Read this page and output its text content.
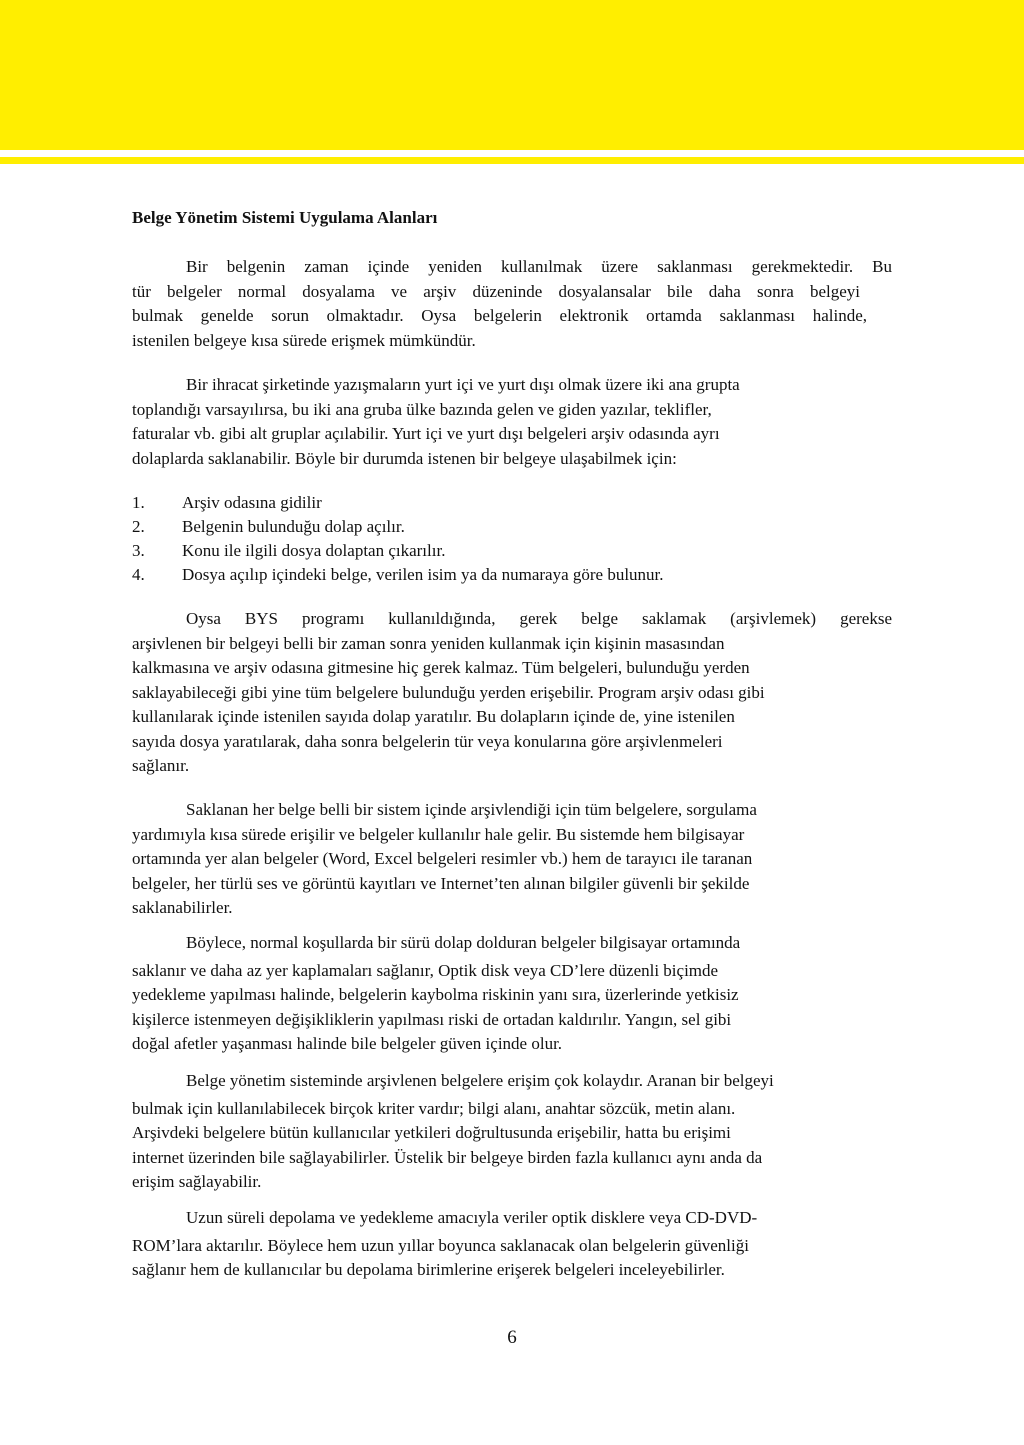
Belge Yönetim Sistemi Uygulama Alanları
Bir belgenin zaman içinde yeniden kullanılmak üzere saklanması gerekmektedir. Bu
tür belgeler normal dosyalama ve arşiv düzeninde dosyalansalar bile daha sonra belgeyi
bulmak genelde sorun olmaktadır. Oysa belgelerin elektronik ortamda saklanması halinde,
istenilen belgeye kısa sürede erişmek mümkündür.
Bir ihracat şirketinde yazışmaların yurt içi ve yurt dışı olmak üzere iki ana grupta
toplandığı varsayılırsa, bu iki ana gruba ülke bazında gelen ve giden yazılar, teklifler,
faturalar vb. gibi alt gruplar açılabilir. Yurt içi ve yurt dışı belgeleri arşiv odasında ayrı
dolaplarda saklanabilir. Böyle bir durumda istenen bir belgeye ulaşabilmek için:
1. Arşiv odasına gidilir
2. Belgenin bulunduğu dolap açılır.
3. Konu ile ilgili dosya dolaptan çıkarılır.
4. Dosya açılıp içindeki belge, verilen isim ya da numaraya göre bulunur.
Oysa BYS programı kullanıldığında, gerek belge saklamak (arşivlemek) gerekse
arşivlenen bir belgeyi belli bir zaman sonra yeniden kullanmak için kişinin masasından
kalkmasına ve arşiv odasına gitmesine hiç gerek kalmaz. Tüm belgeleri, bulunduğu yerden
saklayabileceği gibi yine tüm belgelere bulunduğu yerden erişebilir. Program arşiv odası gibi
kullanılarak içinde istenilen sayıda dolap yaratılır. Bu dolapların içinde de, yine istenilen
sayıda dosya yaratılarak, daha sonra belgelerin tür veya konularına göre arşivlenmeleri
sağlanır.
Saklanan her belge belli bir sistem içinde arşivlendiği için tüm belgelere, sorgulama
yardımıyla kısa sürede erişilir ve belgeler kullanılır hale gelir. Bu sistemde hem bilgisayar
ortamında yer alan belgeler (Word, Excel belgeleri resimler vb.) hem de tarayıcı ile taranan
belgeler, her türlü ses ve görüntü kayıtları ve Internet’ten alınan bilgiler güvenli bir şekilde
saklanabilirler.
Böylece, normal koşullarda bir sürü dolap dolduran belgeler bilgisayar ortamında
saklanır ve daha az yer kaplamaları sağlanır, Optik disk veya CD’lere düzenli biçimde
yedekleme yapılması halinde, belgelerin kaybolma riskinin yanı sıra, üzerlerinde yetkisiz
kişilerce istenmeyen değişikliklerin yapılması riski de ortadan kaldırılır. Yangın, sel gibi
doğal afetler yaşanması halinde bile belgeler güven içinde olur.
Belge yönetim sisteminde arşivlenen belgelere erişim çok kolaydır. Aranan bir belgeyi
bulmak için kullanılabilecek birçok kriter vardır; bilgi alanı, anahtar sözcük, metin alanı.
Arşivdeki belgelere bütün kullanıcılar yetkileri doğrultusunda erişebilir, hatta bu erişimi
internet üzerinden bile sağlayabilirler. Üstelik bir belgeye birden fazla kullanıcı aynı anda da
erişim sağlayabilir.
Uzun süreli depolama ve yedekleme amacıyla veriler optik disklere veya CD-DVD-
ROM’lara aktarılır. Böylece hem uzun yıllar boyunca saklanacak olan belgelerin güvenliği
sağlanır hem de kullanıcılar bu depolama birimlerine erişerek belgeleri inceleyebilirler.
6
